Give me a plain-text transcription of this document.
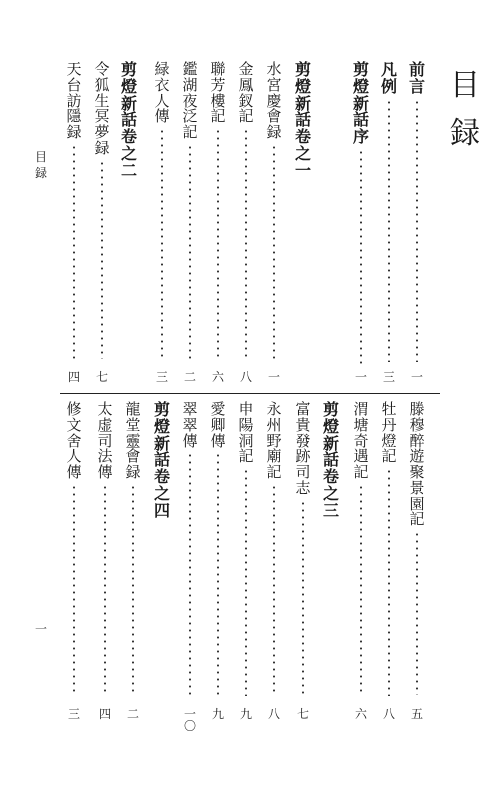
目録
目録
一
前
言
一
凡
例
三
剪
燈
新
話
序
一
剪
燈
新
話
卷
之
一
水
宮
慶
會
録
一
金
鳳
釵
記
八
聯
芳
樓
記
六
鑑
湖
夜
泛
記
二
緑
衣
人
傳
三
剪
燈
新
話
卷
之
二
令
狐
生
冥
夢
録
七
天
台
訪
隱
録
四
滕
穆
醉
遊
聚
景
園
記
五
牡
丹
燈
記
八
渭
塘
奇
遇
記
六
剪
燈
新
話
卷
之
三
富
貴
發
跡
司
志
七
永
州
野
廟
記
八
申
陽
洞
記
九
愛
卿
傳
九
翠
翠
傳
一
〇
剪
燈
新
話
卷
之
四
龍
堂
靈
會
録
二
太
虚
司
法
傳
四
修
文
舍
人
傳
三
